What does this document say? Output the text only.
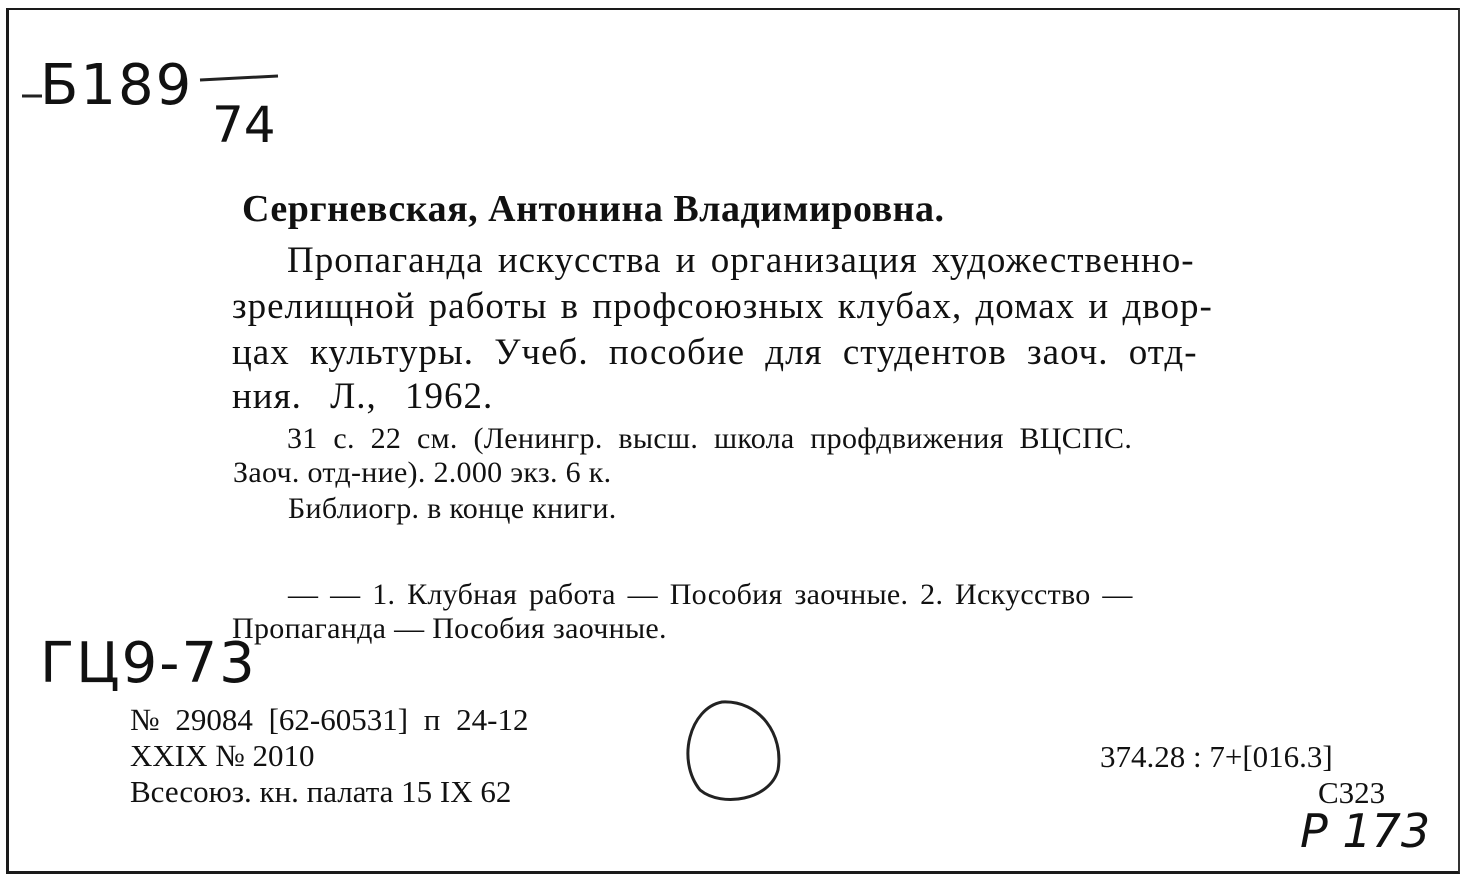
Б189
74
Сергневская, Антонина Владимировна.
Пропаганда искусства и организация художественно-
зрелищной работы в профсоюзных клубах, домах и двор-
цах культуры. Учеб. пособие для студентов заоч. отд-
ния. Л., 1962.
31 с. 22 см. (Ленингр. высш. школа профдвижения ВЦСПС.
Заоч. отд-ние). 2.000 экз. 6 к.
Библиогр. в конце книги.
— — 1. Клубная работа — Пособия заочные. 2. Искусство —
Пропаганда — Пособия заочные.
ГЦ9-73
№ 29084 [62-60531] п 24-12
XXIX № 2010
Всесоюз. кн. палата 15 IX 62
374.28 : 7+[016.3]
С323
Р 173
